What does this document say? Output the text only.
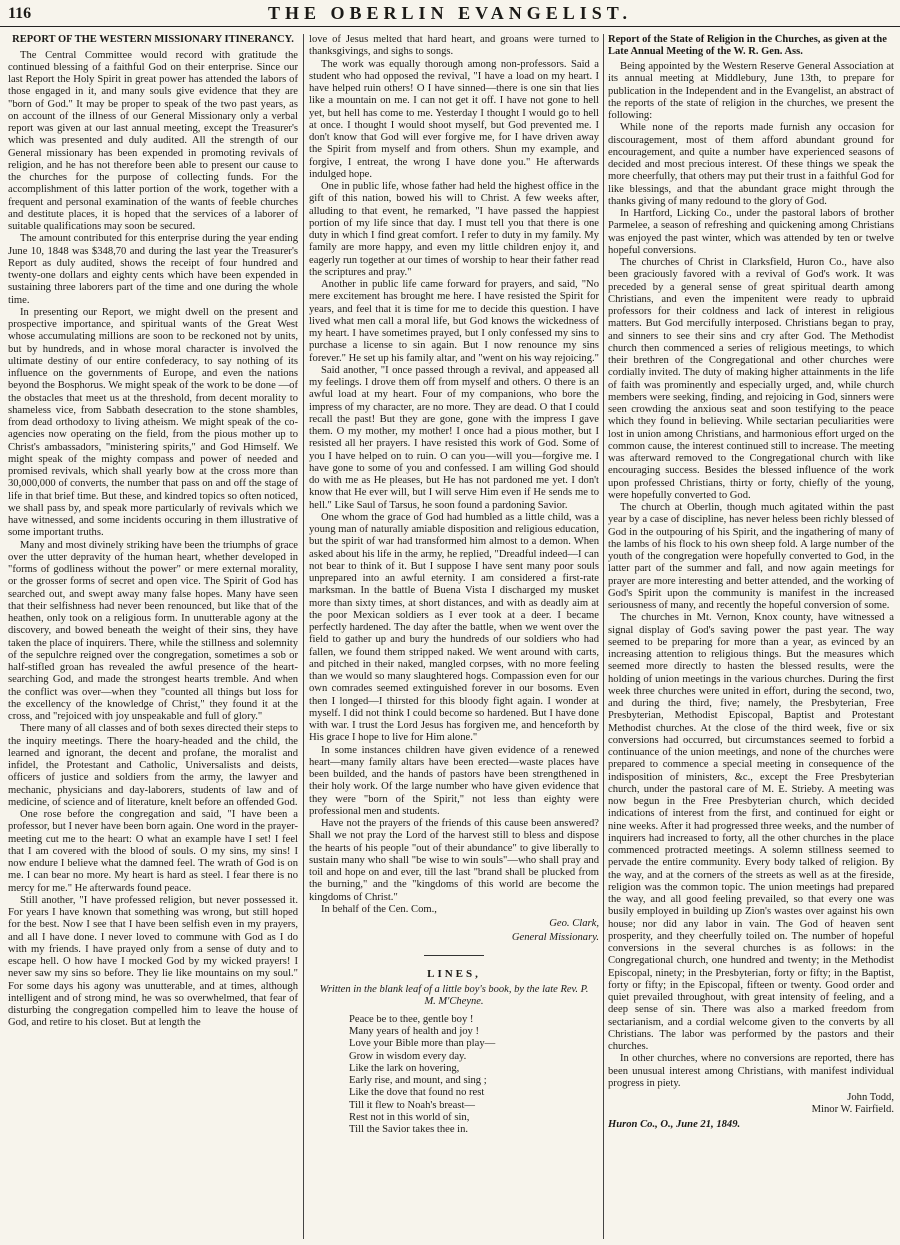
116	THE OBERLIN EVANGELIST.
REPORT OF THE WESTERN MISSIONARY ITINERANCY.

The Central Committee would record with gratitude the continued blessing of a faithful God on their enterprise. Since our last Report the Holy Spirit in great power has attended the labors of those engaged in it, and many souls give evidence that they are "born of God." It may be proper to speak of the two past years, as on account of the illness of our General Missionary only a verbal report was given at our last annual meeting, except the Treasurer's which was presented and duly audited. All the strength of our General missionary has been expended in promoting revivals of religion, and he has not therefore been able to present our cause to the churches for the purpose of collecting funds. For the accomplishment of this latter portion of the work, together with a frequent and personal examination of the wants of feeble churches and destitute places, it is hoped that the services of a laborer of suitable qualifications may soon be secured.

The amount contributed for this enterprise during the year ending June 10, 1848 was $348,70 and during the last year the Treasurer's Report as duly audited, shows the receipt of four hundred and twenty-one dollars and eighty cents which have been expended in sustaining three laborers part of the time and one during the whole time.

In presenting our Report, we might dwell on the present and prospective importance, and spiritual wants of the Great West whose accumulating millions are soon to be reckoned not by units, but by hundreds, and in whose moral character is involved the ultimate destiny of our entire confederacy, to say nothing of its influence on the governments of Europe, and even the nations beyond the Bosphorus. We might speak of the work to be done —of the obstacles that meet us at the threshold, from decent morality to shameless vice, from Sabbath desecration to the stone shambles, from dead orthodoxy to living atheism. We might speak of the co-agencies now operating on the field, from the pious mother up to Christ's ambassadors, "ministering spirits," and God Himself. We might speak of the mighty compass and power of needed and promised revivals, which shall yearly bow at the cross more than 30,000,000 of converts, the number that pass on and off the stage of life in that brief time. But these, and kindred topics so often noticed, we shall pass by, and speak more particularly of revivals which we have witnessed, and some incidents occuring in them illustrative of some important truths.

Many and most divinely striking have been the triumphs of grace over the utter depravity of the human heart, whether developed in "forms of godliness without the power" or mere external morality, or the grosser forms of secret and open vice. The Spirit of God has searched out, and swept away many false hopes. Many have seen that their selfishness had never been renounced, but like that of the heathen, only took on a religious form. In unutterable agony at the discovery, and bowed beneath the weight of their sins, they have taken the place of inquirers. There, while the stillness and solemnity of the sepulchre reigned over the congregation, sometimes a sob or half-stifled groan has revealed the awful presence of the heart-searching God, and made the strongest hearts tremble. And when the conflict was over—when they "counted all things but loss for the excellency of the knowledge of Christ," they found it at the cross, and "rejoiced with joy unspeakable and full of glory."

There many of all classes and of both sexes directed their steps to the inquiry meetings. There the hoary-headed and the child, the learned and ignorant, the decent and profane, the moralist and infidel, the Protestant and Catholic, Universalists and deists, officers of justice and soldiers from the army, the lawyer and mechanic, physicians and day-laborers, students of law and of medicine, of science and of literature, knelt before an offended God.

One rose before the congregation and said, "I have been a professor, but I never have been born again. One word in the prayer-meeting cut me to the heart: O what an example have I set! I feel that I am covered with the blood of souls. O my sins, my sins! I now endure I believe what the damned feel. The wrath of God is on me. I can bear no more. My heart is hard as steel. I fear there is no mercy for me." He afterwards found peace.

Still another, "I have professed religion, but never possessed it. For years I have known that something was wrong, but still hoped for the best. Now I see that I have been selfish even in my prayers, and all I have done. I never loved to commune with God as I do with my friends. I have prayed only from a sense of duty and to escape hell. O how have I mocked God by my wicked prayers! I never saw my sins so before. They lie like mountains on my soul." For some days his agony was unutterable, and at times, although intelligent and of strong mind, he was so overwhelmed, that fear of disturbing the congregation compelled him to leave the house of God, and retire to his closet. But at length the

love of Jesus melted that hard heart, and groans were turned to thanksgivings, and sighs to songs.

The work was equally thorough among non-professors. Said a student who had opposed the revival, "I have a load on my heart. I have helped ruin others! O I have sinned—there is one sin that lies like a mountain on me. I can not get it off. I have not gone to hell yet, but hell has come to me. Yesterday I thought I would go to hell at once. I thought I would shoot myself, but God prevented me. I don't know that God will ever forgive me, for I have driven away the Spirit from myself and from others. Shun my example, and forgive, I entreat, the wrong I have done you." He afterwards indulged hope.

One in public life, whose father had held the highest office in the gift of this nation, bowed his will to Christ. A few weeks after, alluding to that event, he remarked, "I have passed the happiest portion of my life since that day. I must tell you that there is one duty in which I find great comfort. I refer to duty in my family. My family are more happy, and even my little children enjoy it, and eagerly run together at our times of worship to hear their father read the scriptures and pray."

Another in public life came forward for prayers, and said, "No mere excitement has brought me here. I have resisted the Spirit for years, and feel that it is time for me to decide this question. I have lived what men call a moral life, but God knows the wickedness of my heart. I have sometimes prayed, but I only confessed my sins to purchase a license to sin again. But I now renounce my sins forever." He set up his family altar, and "went on his way rejoicing."

Said another, "I once passed through a revival, and appeased all my feelings. I drove them off from myself and others. O there is an awful load at my heart. Four of my companions, who bore the impress of my character, are no more. They are dead. O that I could recall the past! But they are gone, gone with the impress I gave them. O my mother, my mother! I once had a pious mother, but I resisted all her prayers. I have resisted this work of God. Some of you I have helped on to ruin. O can you—will you—forgive me. I have gone to some of you and confessed. I am willing God should do with me as He pleases, but He has not pardoned me yet. I don't know that He ever will, but I will serve Him even if He sends me to hell." Like Saul of Tarsus, he soon found a pardoning Savior.

One whom the grace of God had humbled as a little child, was a young man of naturally amiable disposition and religious education, but the spirit of war had transformed him almost to a demon. When asked about his life in the army, he replied, "Dreadful indeed—I can not bear to think of it. But I suppose I have sent many poor souls unprepared into an awful eternity. I am considered a first-rate marksman. In the battle of Buena Vista I discharged my musket more than sixty times, at short distances, and with as deadly aim at the poor Mexican soldiers as I ever took at a deer. I became perfectly hardened. The day after the battle, when we went over the field to gather up and bury the hundreds of our soldiers who had fallen, we found them stripped naked. We went around with carts, and pitched in their naked, mangled corpses, with no more feeling than we would so many slaughtered hogs. Compassion even for our own comrades seemed extinguished forever in our bosoms. Even then I longed—I thirsted for this bloody fight again. I wonder at myself. I did not think I could become so hardened. But I have done with war. I trust the Lord Jesus has forgiven me, and henceforth by His grace I hope to live for Him alone."

In some instances children have given evidence of a renewed heart—many family altars have been erected—waste places have been builded, and the hands of pastors have been strengthened in their holy work. Of the large number who have given evidence that they were "born of the Spirit," not less than eighty were professional men and students.

Have not the prayers of the friends of this cause been answered? Shall we not pray the Lord of the harvest still to bless and dispose the hearts of his people "out of their abundance" to give liberally to sustain many who shall "be wise to win souls"—who shall pray and toil and hope on and ever, till the last "brand shall be plucked from the burning," and the "kingdoms of this world are become the kingdoms of Christ."

In behalf of the Cen. Com.,

Geo. Clark,
General Missionary.
LINES,
Written in the blank leaf of a little boy's book, by the late Rev. P. M. M'Cheyne.
Peace be to thee, gentle boy !
Many years of health and joy !
Love your Bible more than play—
Grow in wisdom every day.
Like the lark on hovering,
Early rise, and mount, and sing ;
Like the dove that found no rest
Till it flew to Noah's breast—
Rest not in this world of sin,
Till the Savior takes thee in.
Report of the State of Religion in the Churches, as given at the Late Annual Meeting of the W. R. Gen. Ass.

Being appointed by the Western Reserve General Association at its annual meeting at Middlebury, June 13th, to prepare for publication in the Independent and in the Evangelist, an abstract of the reports of the state of religion in the churches, we present the following:

While none of the reports made furnish any occasion for discouragement, most of them afford abundant ground for encouragement, and quite a number have experienced seasons of decided and most precious interest. Of these things we speak the more cheerfully, that others may put their trust in a faithful God for like blessings, and that the abundant grace might through the thanks giving of many redound to the glory of God.

In Hartford, Licking Co., under the pastoral labors of brother Parmelee, a season of refreshing and quickening among Christians was enjoyed the past winter, which was attended by ten or twelve hopeful conversions.

The churches of Christ in Clarksfield, Huron Co., have also been graciously favored with a revival of God's work. It was preceded by a general sense of great spiritual dearth among Christians, and even the impenitent were ready to upbraid professors for their coldness and lack of interest in religious matters. But God mercifully interposed. Christians began to pray, and sinners to see their sins and cry after God. The Methodist church then commenced a series of religious meetings, to which their brethren of the Congregational and other churches were cordially invited. The duty of making higher attainments in the life of faith was prominently and especially urged, and, while church members were seeking, finding, and rejoicing in God, sinners were seen crowding the anxious seat and soon testifying to the peace which they found in believing. While sectarian peculiarities were lost in union among Christians, and harmonious effort urged on the common cause, the interest continued still to increase. The meeting was afterward removed to the Congregational church with like encouraging success. Besides the blessed influence of the work upon professed Christians, thirty or forty, chiefly of the young, were hopefully converted to God.

The church at Oberlin, though much agitated within the past year by a case of discipline, has never heless been richly blessed of God in the outpouring of his Spirit, and the ingathering of many of the lambs of his flock to his own sheep fold. A large number of the youth of the congregation were hopefully converted to God, in the latter part of the summer and fall, and now again meetings for prayer are more interesting and better attended, and the working of God's Spirit upon the community is manifest in the increased seriousness of many, and recently the hopeful conversion of some.

The churches in Mt. Vernon, Knox county, have witnessed a signal display of God's saving power the past year. The way seemed to be preparing for more than a year, as evinced by an increasing attention to religious things. But the measures which seemed more directly to hasten the blessed results, were the holding of union meetings in the various churches. During the first week three churches were united in effort, during the second, two, and during the third, five; namely, the Presbyterian, Free Presbyterian, Methodist Episcopal, Baptist and Protestant Methodist churches. At the close of the third week, five or six conversions had occurred, but circumstances seemed to forbid a continuance of the union meetings, and none of the churches were prepared to commence a special meeting in consequence of the indisposition of ministers, &c., except the Free Presbyterian church, under the pastoral care of M. E. Strieby. A meeting was now begun in the Free Presbyterian church, which decided indications of interest from the first, and continued for eight or nine weeks. After it had progressed three weeks, and the number of inquirers had increased to forty, all the other churches in the place commenced protracted meetings. A solemn stillness seemed to pervade the entire community. Every body talked of religion. By the way, and at the corners of the streets as well as at the fireside, religion was the common topic. The union meetings had prepared the way, and all good feeling prevailed, so that every one was busily employed in building up Zion's wastes over against his own house; nor did any labor in vain. The God of heaven sent prosperity, and they cheerfully toiled on. The number of hopeful conversions in the several churches is as follows: in the Congregational church, one hundred and twenty; in the Methodist Episcopal, ninety; in the Presbyterian, forty or fifty; in the Baptist, forty or fifty; in the Episcopal, fifteen or twenty. Good order and quiet prevailed throughout, with great intensity of feeling, and a deep sense of sin. There was also a marked freedom from sectarianism, and a cordial welcome given to the converts by all Christians. The labor was performed by the pastors and their churches.

In other churches, where no conversions are reported, there has been unusual interest among Christians, with manifest individual progress in piety.

John Todd,
Minor W. Fairfield.
Huron Co., O., June 21, 1849.
